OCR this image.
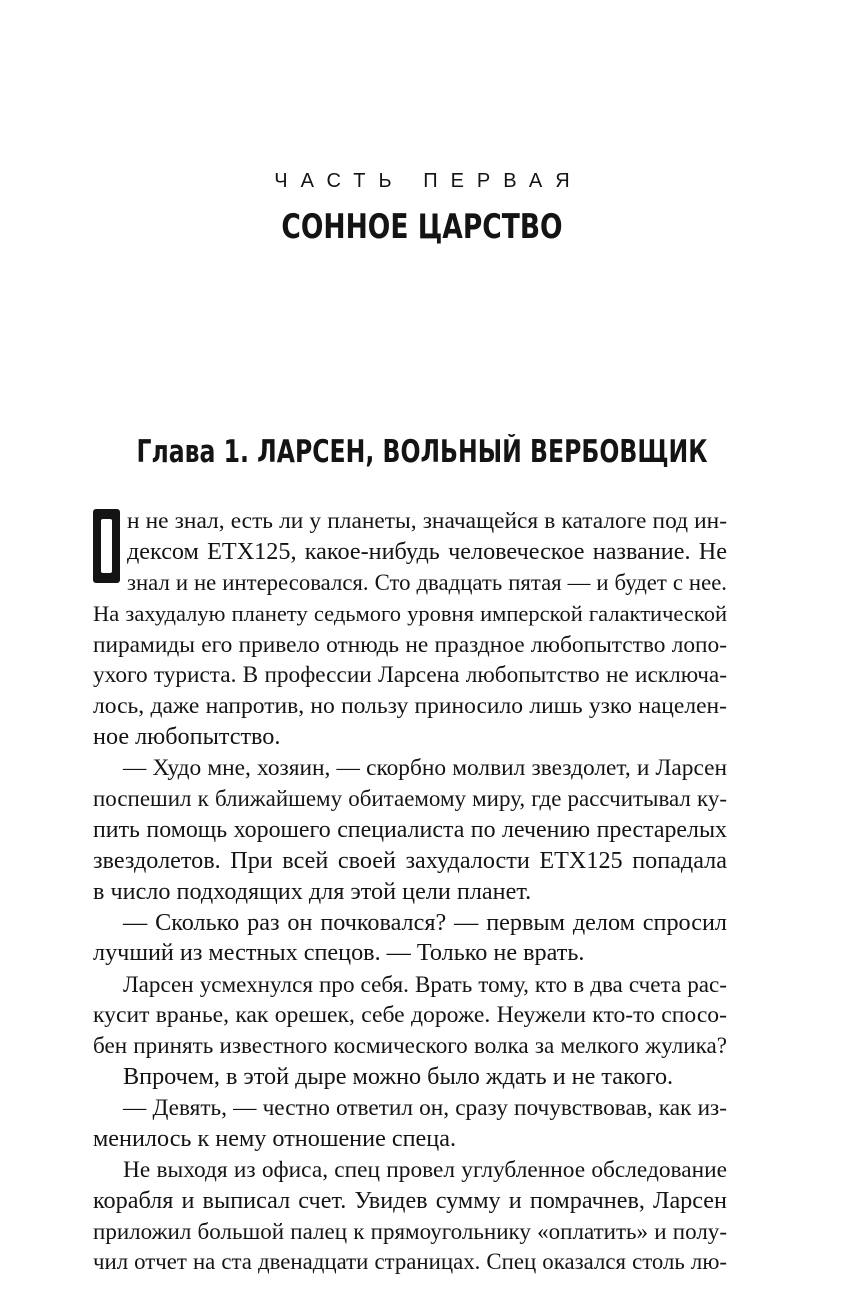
ЧАСТЬ ПЕРВАЯ
СОННОЕ ЦАРСТВО
Глава 1. ЛАРСЕН, ВОЛЬНЫЙ ВЕРБОВЩИК
н не знал, есть ли у планеты, значащейся в каталоге под ин-
дексом ЕТХ125, какое-нибудь человеческое название. Не
знал и не интересовался. Сто двадцать пятая — и будет с нее.
На захудалую планету седьмого уровня имперской галактической
пирамиды его привело отнюдь не праздное любопытство лопо-
ухого туриста. В профессии Ларсена любопытство не исключа-
лось, даже напротив, но пользу приносило лишь узко нацелен-
ное любопытство.
— Худо мне, хозяин, — скорбно молвил звездолет, и Ларсен
поспешил к ближайшему обитаемому миру, где рассчитывал ку-
пить помощь хорошего специалиста по лечению престарелых
звездолетов. При всей своей захудалости ЕТХ125 попадала
в число подходящих для этой цели планет.
— Сколько раз он почковался? — первым делом спросил
лучший из местных спецов. — Только не врать.
Ларсен усмехнулся про себя. Врать тому, кто в два счета рас-
кусит вранье, как орешек, себе дороже. Неужели кто-то спосо-
бен принять известного космического волка за мелкого жулика?
Впрочем, в этой дыре можно было ждать и не такого.
— Девять, — честно ответил он, сразу почувствовав, как из-
менилось к нему отношение спеца.
Не выходя из офиса, спец провел углубленное обследование
корабля и выписал счет. Увидев сумму и помрачнев, Ларсен
приложил большой палец к прямоугольнику «оплатить» и полу-
чил отчет на ста двенадцати страницах. Спец оказался столь лю-
